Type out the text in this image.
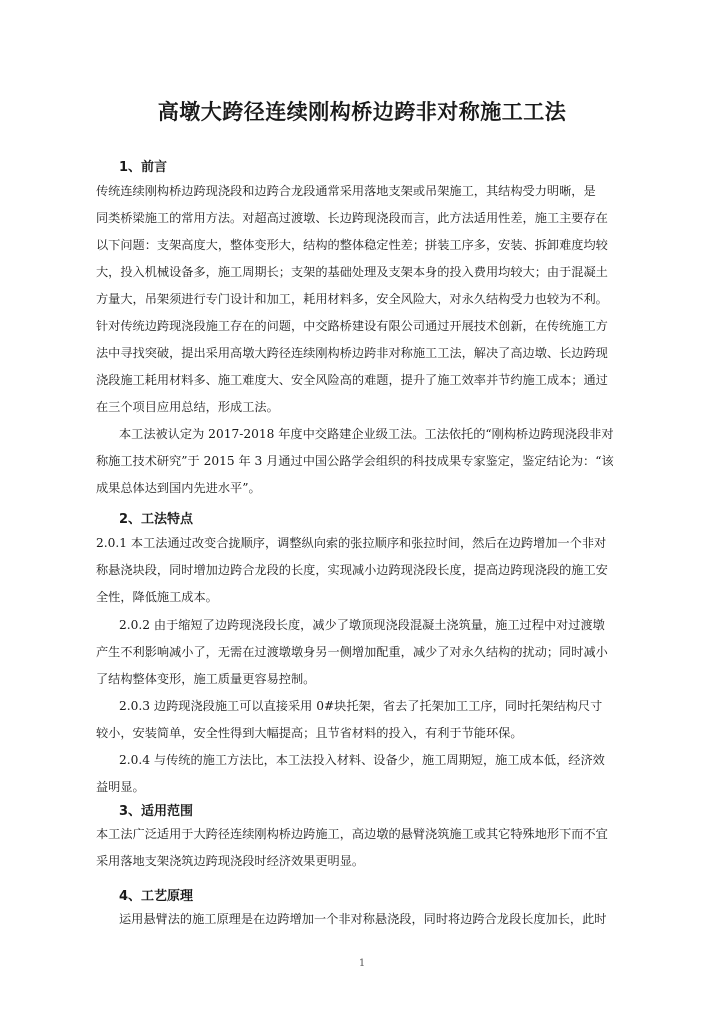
高墩大跨径连续刚构桥边跨非对称施工工法
1、前言
传统连续刚构桥边跨现浇段和边跨合龙段通常采用落地支架或吊架施工，其结构受力明晰，是
同类桥梁施工的常用方法。对超高过渡墩、长边跨现浇段而言，此方法适用性差，施工主要存在
以下问题：支架高度大，整体变形大，结构的整体稳定性差；拼装工序多，安装、拆卸难度均较
大，投入机械设备多，施工周期长；支架的基础处理及支架本身的投入费用均较大；由于混凝土
方量大，吊架须进行专门设计和加工，耗用材料多，安全风险大，对永久结构受力也较为不利。
针对传统边跨现浇段施工存在的问题，中交路桥建设有限公司通过开展技术创新，在传统施工方
法中寻找突破，提出采用高墩大跨径连续刚构桥边跨非对称施工工法，解决了高边墩、长边跨现
浇段施工耗用材料多、施工难度大、安全风险高的难题，提升了施工效率并节约施工成本；通过
在三个项目应用总结，形成工法。
本工法被认定为 2017-2018 年度中交路建企业级工法。工法依托的“刚构桥边跨现浇段非对
称施工技术研究”于 2015 年 3 月通过中国公路学会组织的科技成果专家鉴定，鉴定结论为：“该
成果总体达到国内先进水平”。
2、工法特点
2.0.1 本工法通过改变合拢顺序，调整纵向索的张拉顺序和张拉时间，然后在边跨增加一个非对
称悬浇块段，同时增加边跨合龙段的长度，实现减小边跨现浇段长度，提高边跨现浇段的施工安
全性，降低施工成本。
2.0.2 由于缩短了边跨现浇段长度，减少了墩顶现浇段混凝土浇筑量，施工过程中对过渡墩
产生不利影响减小了，无需在过渡墩墩身另一侧增加配重，减少了对永久结构的扰动；同时减小
了结构整体变形，施工质量更容易控制。
2.0.3 边跨现浇段施工可以直接采用 0#块托架，省去了托架加工工序，同时托架结构尺寸
较小，安装简单，安全性得到大幅提高；且节省材料的投入，有利于节能环保。
2.0.4 与传统的施工方法比，本工法投入材料、设备少，施工周期短，施工成本低，经济效
益明显。
3、适用范围
本工法广泛适用于大跨径连续刚构桥边跨施工，高边墩的悬臂浇筑施工或其它特殊地形下而不宜
采用落地支架浇筑边跨现浇段时经济效果更明显。
4、工艺原理
运用悬臂法的施工原理是在边跨增加一个非对称悬浇段，同时将边跨合龙段长度加长，此时
1
